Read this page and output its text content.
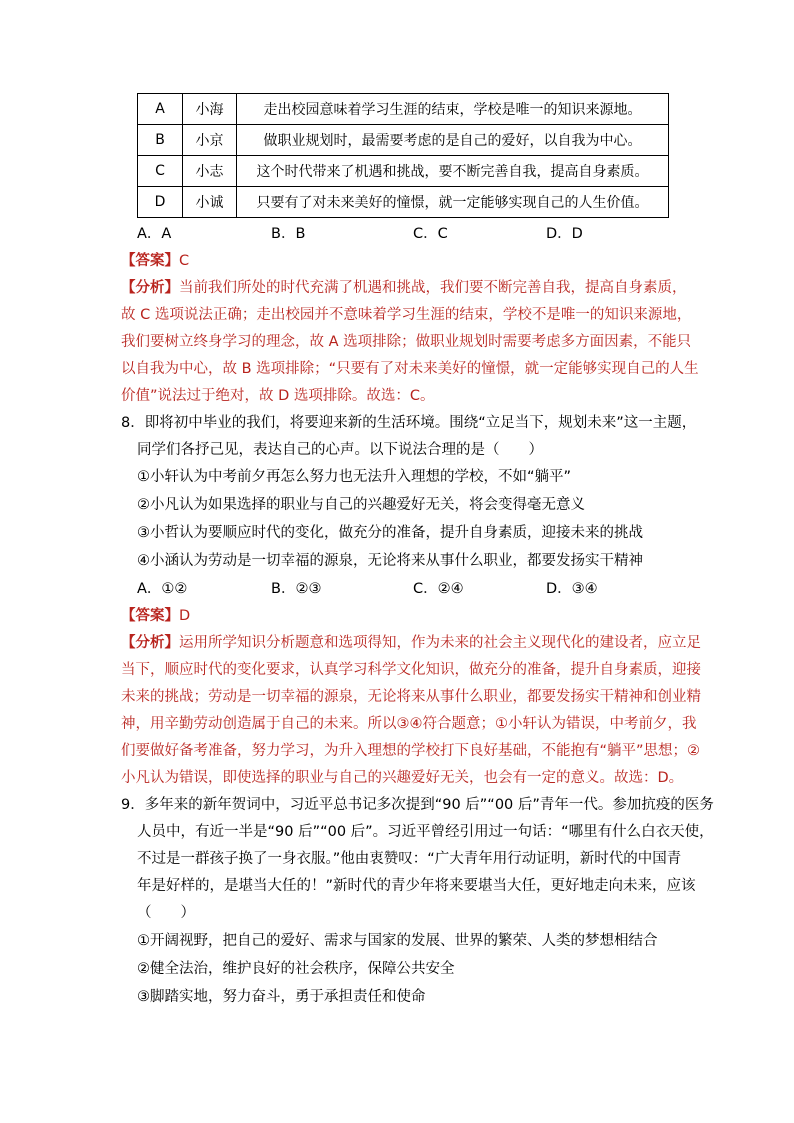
A	小海	走出校园意味着学习生涯的结束，学校是唯一的知识来源地。
B	小京	做职业规划时，最需要考虑的是自己的爱好，以自我为中心。
C	小志	这个时代带来了机遇和挑战，要不断完善自我，提高自身素质。
D	小诚	只要有了对未来美好的憧憬，就一定能够实现自己的人生价值。
A．A	B．B	C．C	D．D
【答案】C
【分析】当前我们所处的时代充满了机遇和挑战，我们要不断完善自我，提高自身素质，
故 C 选项说法正确；走出校园并不意味着学习生涯的结束，学校不是唯一的知识来源地，
我们要树立终身学习的理念，故 A 选项排除；做职业规划时需要考虑多方面因素，不能只
以自我为中心，故 B 选项排除；“只要有了对未来美好的憧憬，就一定能够实现自己的人生
价值”说法过于绝对，故 D 选项排除。故选：C。
8．即将初中毕业的我们，将要迎来新的生活环境。围绕“立足当下，规划未来”这一主题，
同学们各抒己见，表达自己的心声。以下说法合理的是（　　）
①小轩认为中考前夕再怎么努力也无法升入理想的学校，不如“躺平”
②小凡认为如果选择的职业与自己的兴趣爱好无关，将会变得毫无意义
③小哲认为要顺应时代的变化，做充分的准备，提升自身素质，迎接未来的挑战
④小涵认为劳动是一切幸福的源泉，无论将来从事什么职业，都要发扬实干精神
A．①②	B．②③	C．②④	D．③④
【答案】D
【分析】运用所学知识分析题意和选项得知，作为未来的社会主义现代化的建设者，应立足
当下，顺应时代的变化要求，认真学习科学文化知识，做充分的准备，提升自身素质，迎接
未来的挑战；劳动是一切幸福的源泉，无论将来从事什么职业，都要发扬实干精神和创业精
神，用辛勤劳动创造属于自己的未来。所以③④符合题意；①小轩认为错误，中考前夕，我
们要做好备考准备，努力学习，为升入理想的学校打下良好基础，不能抱有“躺平”思想；②
小凡认为错误，即使选择的职业与自己的兴趣爱好无关，也会有一定的意义。故选：D。
9．多年来的新年贺词中，习近平总书记多次提到“90 后”“00 后”青年一代。参加抗疫的医务
人员中，有近一半是“90 后”“00 后”。习近平曾经引用过一句话：“哪里有什么白衣天使，
不过是一群孩子换了一身衣服。”他由衷赞叹：“广大青年用行动证明，新时代的中国青
年是好样的，是堪当大任的！”新时代的青少年将来要堪当大任，更好地走向未来，应该
（　　）
①开阔视野，把自己的爱好、需求与国家的发展、世界的繁荣、人类的梦想相结合
②健全法治，维护良好的社会秩序，保障公共安全
③脚踏实地，努力奋斗，勇于承担责任和使命
